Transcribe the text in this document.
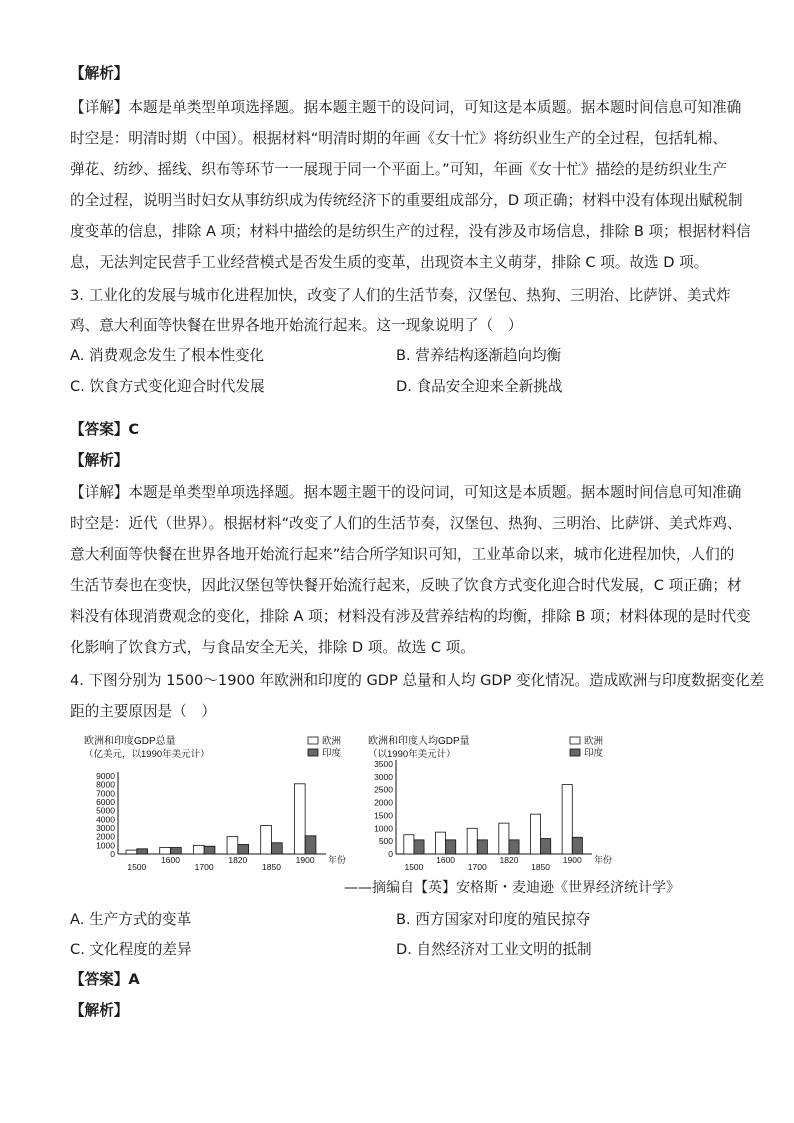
【解析】
【详解】本题是单类型单项选择题。据本题主题干的设问词，可知这是本质题。据本题时间信息可知准确
时空是：明清时期（中国）。根据材料“明清时期的年画《女十忙》将纺织业生产的全过程，包括轧棉、
弹花、纺纱、摇线、织布等环节一一展现于同一个平面上。”可知，年画《女十忙》描绘的是纺织业生产
的全过程，说明当时妇女从事纺织成为传统经济下的重要组成部分，D 项正确；材料中没有体现出赋税制
度变革的信息，排除 A 项；材料中描绘的是纺织生产的过程，没有涉及市场信息，排除 B 项；根据材料信
息，无法判定民营手工业经营模式是否发生质的变革，出现资本主义萌芽，排除 C 项。故选 D 项。
3. 工业化的发展与城市化进程加快，改变了人们的生活节奏，汉堡包、热狗、三明治、比萨饼、美式炸
鸡、意大利面等快餐在世界各地开始流行起来。这一现象说明了（　）
A. 消费观念发生了根本性变化	B. 营养结构逐渐趋向均衡
C. 饮食方式变化迎合时代发展	D. 食品安全迎来全新挑战
【答案】C
【解析】
【详解】本题是单类型单项选择题。据本题主题干的设问词，可知这是本质题。据本题时间信息可知准确
时空是：近代（世界）。根据材料“改变了人们的生活节奏，汉堡包、热狗、三明治、比萨饼、美式炸鸡、
意大利面等快餐在世界各地开始流行起来”结合所学知识可知，工业革命以来，城市化进程加快，人们的
生活节奏也在变快，因此汉堡包等快餐开始流行起来，反映了饮食方式变化迎合时代发展，C 项正确；材
料没有体现消费观念的变化，排除 A 项；材料没有涉及营养结构的均衡，排除 B 项；材料体现的是时代变
化影响了饮食方式，与食品安全无关，排除 D 项。故选 C 项。
4. 下图分别为 1500～1900 年欧洲和印度的 GDP 总量和人均 GDP 变化情况。造成欧洲与印度数据变化差
距的主要原因是（　）
欧洲和印度GDP总量
（亿美元，以1990年美元计）
欧洲
印度
0
1000
2000
3000
4000
5000
6000
7000
8000
9000
1500
1600
1700
1820
1850
1900 年份
欧洲和印度人均GDP量
（以1990年美元计）
欧洲
印度
0
500
1000
1500
2000
2500
3000
3500
1500
1600
1700
1820
1850
1900 年份
——摘编自【英】安格斯・麦迪逊《世界经济统计学》
A. 生产方式的变革	B. 西方国家对印度的殖民掠夺
C. 文化程度的差异	D. 自然经济对工业文明的抵制
【答案】A
【解析】
